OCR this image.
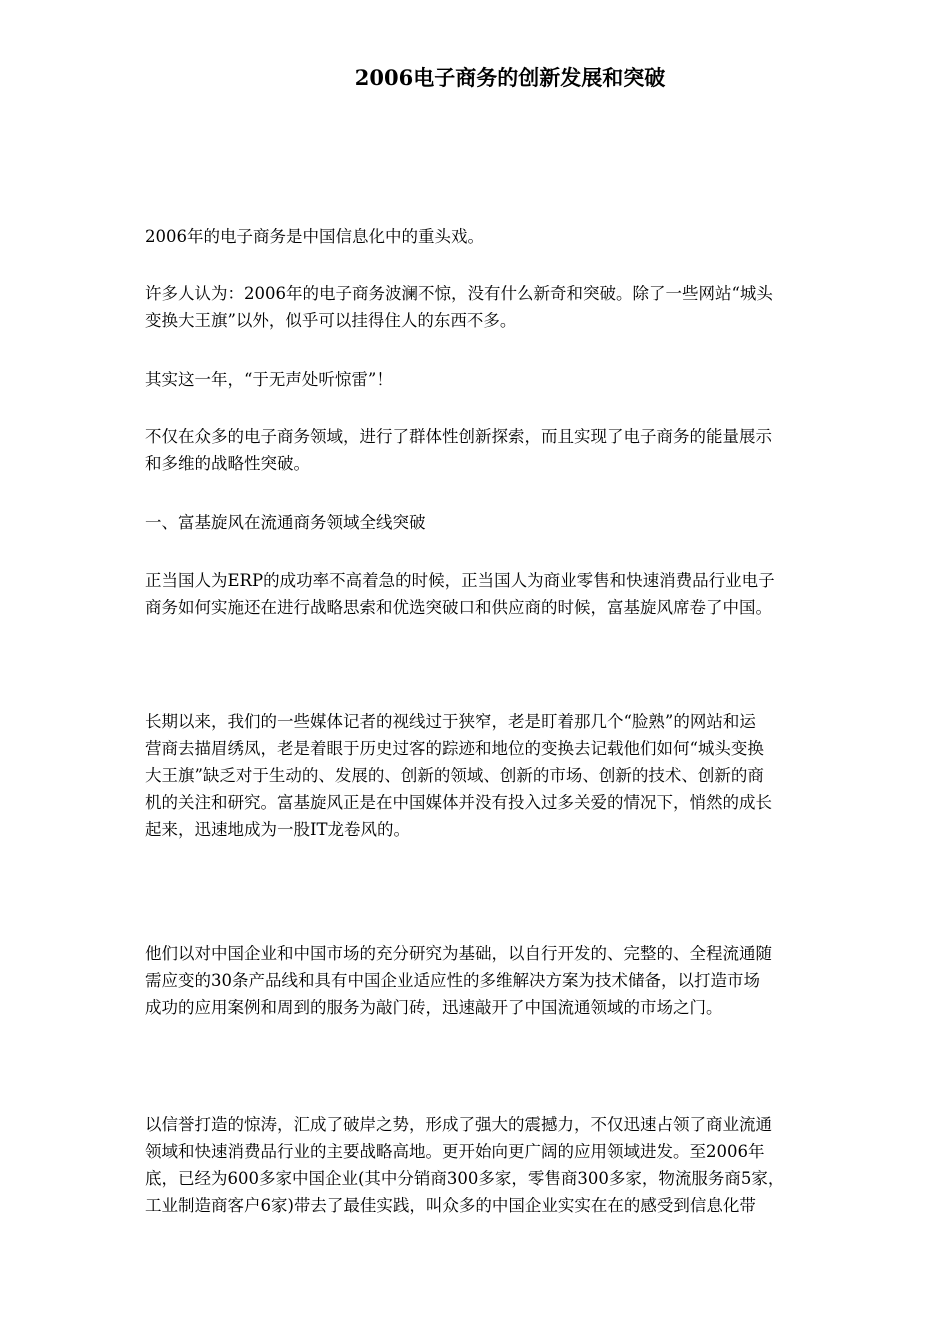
2006电子商务的创新发展和突破
2006年的电子商务是中国信息化中的重头戏。
许多人认为：2006年的电子商务波澜不惊，没有什么新奇和突破。除了一些网站“城头
变换大王旗”以外，似乎可以挂得住人的东西不多。
其实这一年，“于无声处听惊雷”！
不仅在众多的电子商务领域，进行了群体性创新探索，而且实现了电子商务的能量展示
和多维的战略性突破。
一、富基旋风在流通商务领域全线突破
正当国人为ERP的成功率不高着急的时候，正当国人为商业零售和快速消费品行业电子
商务如何实施还在进行战略思索和优选突破口和供应商的时候，富基旋风席卷了中国。
长期以来，我们的一些媒体记者的视线过于狭窄，老是盯着那几个“脸熟”的网站和运
营商去描眉绣凤，老是着眼于历史过客的踪迹和地位的变换去记载他们如何“城头变换
大王旗”缺乏对于生动的、发展的、创新的领域、创新的市场、创新的技术、创新的商
机的关注和研究。富基旋风正是在中国媒体并没有投入过多关爱的情况下，悄然的成长
起来，迅速地成为一股IT龙卷风的。
他们以对中国企业和中国市场的充分研究为基础，以自行开发的、完整的、全程流通随
需应变的30条产品线和具有中国企业适应性的多维解决方案为技术储备，以打造市场
成功的应用案例和周到的服务为敲门砖，迅速敲开了中国流通领域的市场之门。
以信誉打造的惊涛，汇成了破岸之势，形成了强大的震撼力，不仅迅速占领了商业流通
领域和快速消费品行业的主要战略高地。更开始向更广阔的应用领域进发。至2006年
底，已经为600多家中国企业(其中分销商300多家，零售商300多家，物流服务商5家，
工业制造商客户6家)带去了最佳实践，叫众多的中国企业实实在在的感受到信息化带
